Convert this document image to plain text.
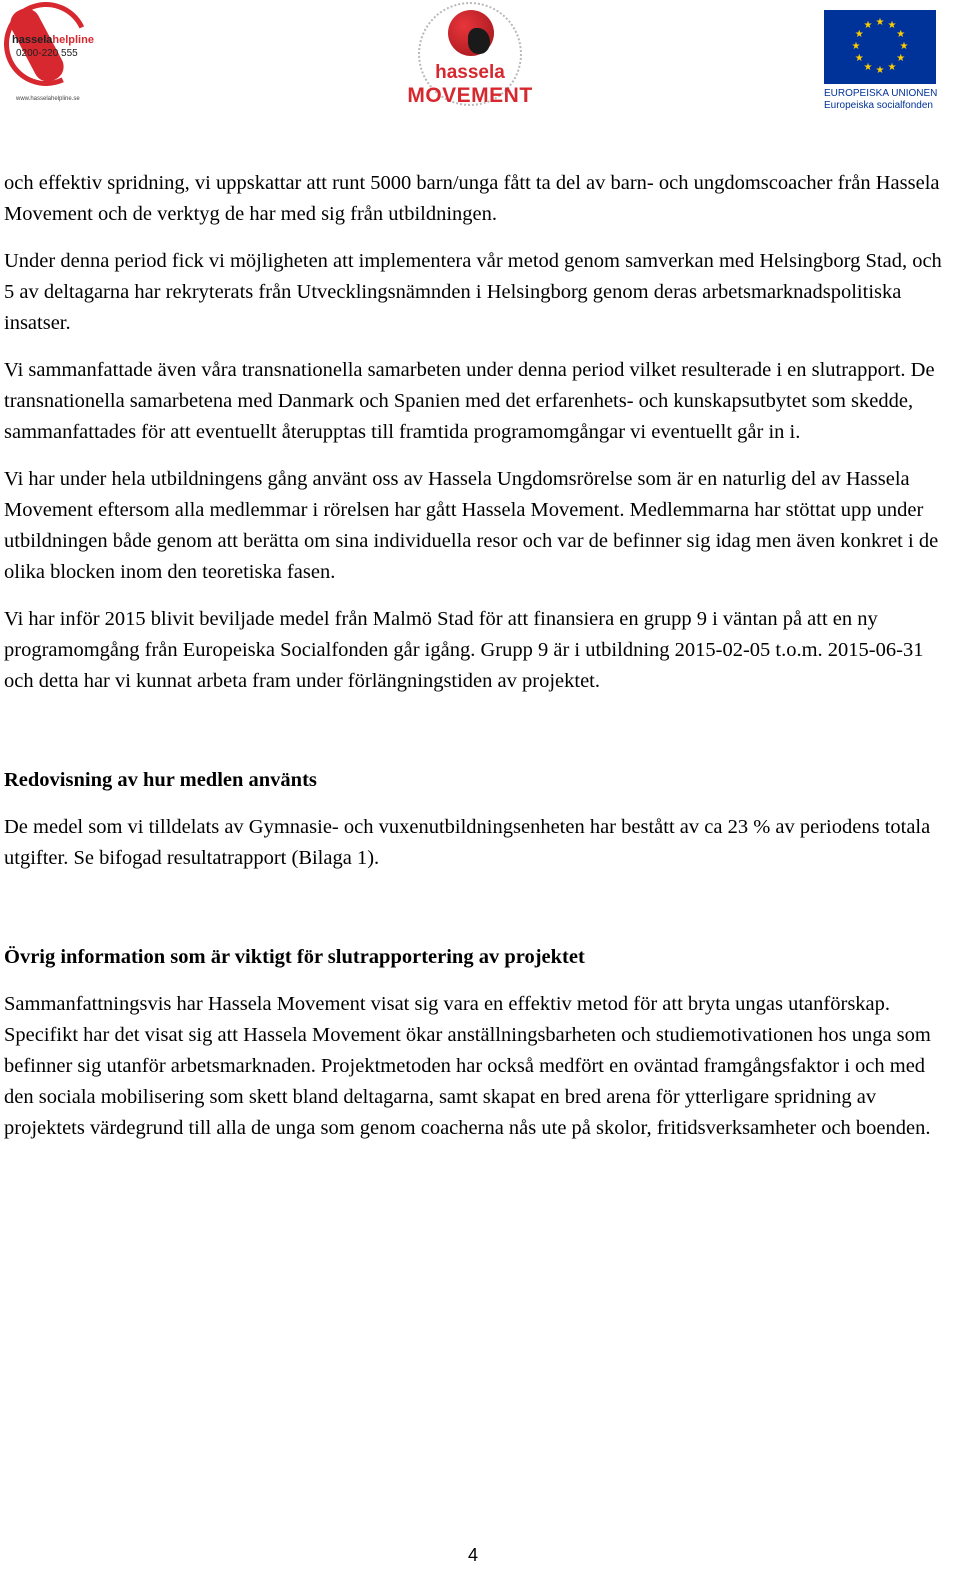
hasselahelpline
0200-220 555
www.hasselahelpline.se
hassela
MOVEMENT
★ ★
★
★
★
★
★
★
★
★
★
★
EUROPEISKA UNIONEN
Europeiska socialfonden

och effektiv spridning, vi uppskattar att runt 5000 barn/unga fått ta del av barn- och ungdomscoacher från Hassela Movement och de verktyg de har med sig från utbildningen.

Under denna period fick vi möjligheten att implementera vår metod genom samverkan med Helsingborg Stad, och 5 av deltagarna har rekryterats från Utvecklingsnämnden i Helsingborg genom deras arbetsmarknadspolitiska insatser.

Vi sammanfattade även våra transnationella samarbeten under denna period vilket resulterade i en slutrapport. De transnationella samarbetena med Danmark och Spanien med det erfarenhets- och kunskapsutbytet som skedde, sammanfattades för att eventuellt återupptas till framtida programomgångar vi eventuellt går in i.

Vi har under hela utbildningens gång använt oss av Hassela Ungdomsrörelse som är en naturlig del av Hassela Movement eftersom alla medlemmar i rörelsen har gått Hassela Movement. Medlemmarna har stöttat upp under utbildningen både genom att berätta om sina individuella resor och var de befinner sig idag men även konkret i de olika blocken inom den teoretiska fasen.

Vi har inför 2015 blivit beviljade medel från Malmö Stad för att finansiera en grupp 9 i väntan på att en ny programomgång från Europeiska Socialfonden går igång. Grupp 9 är i utbildning 2015-02-05 t.o.m. 2015-06-31 och detta har vi kunnat arbeta fram under förlängningstiden av projektet.

Redovisning av hur medlen använts

De medel som vi tilldelats av Gymnasie- och vuxenutbildningsenheten har bestått av ca 23 % av periodens totala utgifter. Se bifogad resultatrapport (Bilaga 1).

Övrig information som är viktigt för slutrapportering av projektet

Sammanfattningsvis har Hassela Movement visat sig vara en effektiv metod för att bryta ungas utanförskap. Specifikt har det visat sig att Hassela Movement ökar anställningsbarheten och studiemotivationen hos unga som befinner sig utanför arbetsmarknaden. Projektmetoden har också medfört en oväntad framgångsfaktor i och med den sociala mobilisering som skett bland deltagarna, samt skapat en bred arena för ytterligare spridning av projektets värdegrund till alla de unga som genom coacherna nås ute på skolor, fritidsverksamheter och boenden.

4
